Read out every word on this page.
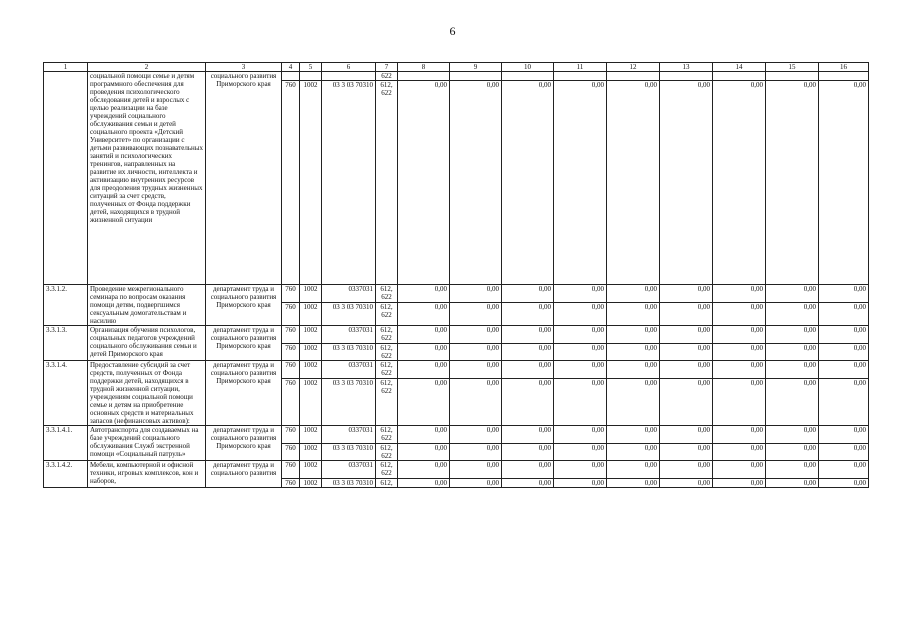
6
1	2	3	4	5	6	7	8	9	10	11	12	13	14	15	16
	социальной помощи семье и детям программного обеспечения для проведения психологического обследования детей и взрослых с целью реализации на базе учреждений социального обслуживания семьи и детей социального проекта «Детский Университет» по организации с детьми развивающих познавательных занятий и психологических тренингов, направленных на развитие их личности, интеллекта и активизацию внутренних ресурсов для преодоления трудных жизненных ситуаций за счет средств, полученных от Фонда поддержки детей, находящихся в трудной жизненной ситуации	социального развития Приморского края				622									
			760	1002	03 3 03 70310	612, 622	0,00	0,00	0,00	0,00	0,00	0,00	0,00	0,00	0,00
3.3.1.2.	Проведение межрегионального семинара по вопросам оказания помощи детям, подвергшимся сексуальным домогательствам и насилию	департамент труда и социального развития Приморского края	760	1002	0337031	612, 622	0,00	0,00	0,00	0,00	0,00	0,00	0,00	0,00	0,00
			760	1002	03 3 03 70310	612, 622	0,00	0,00	0,00	0,00	0,00	0,00	0,00	0,00	0,00
3.3.1.3.	Организация обучения психологов, социальных педагогов учреждений социального обслуживания семьи и детей Приморского края	департамент труда и социального развития Приморского края	760	1002	0337031	612, 622	0,00	0,00	0,00	0,00	0,00	0,00	0,00	0,00	0,00
			760	1002	03 3 03 70310	612, 622	0,00	0,00	0,00	0,00	0,00	0,00	0,00	0,00	0,00
3.3.1.4.	Предоставление субсидий за счет средств, полученных от Фонда поддержки детей, находящихся в трудной жизненной ситуации, учреждениям социальной помощи семье и детям на приобретение основных средств и материальных запасов (нефинансовых активов):	департамент труда и социального развития Приморского края	760	1002	0337031	612, 622	0,00	0,00	0,00	0,00	0,00	0,00	0,00	0,00	0,00
			760	1002	03 3 03 70310	612, 622	0,00	0,00	0,00	0,00	0,00	0,00	0,00	0,00	0,00
3.3.1.4.1.	Автотранспорта для создаваемых на базе учреждений социального обслуживания Служб экстренной помощи «Социальный патруль»	департамент труда и социального развития Приморского края	760	1002	0337031	612, 622	0,00	0,00	0,00	0,00	0,00	0,00	0,00	0,00	0,00
			760	1002	03 3 03 70310	612, 622	0,00	0,00	0,00	0,00	0,00	0,00	0,00	0,00	0,00
3.3.1.4.2.	Мебели, компьютерной и офисной техники, игровых комплексов, кон и наборов,	департамент труда и социального развития	760	1002	0337031	612, 622	0,00	0,00	0,00	0,00	0,00	0,00	0,00	0,00	0,00
			760	1002	03 3 03 70310	612,	0,00	0,00	0,00	0,00	0,00	0,00	0,00	0,00	0,00
